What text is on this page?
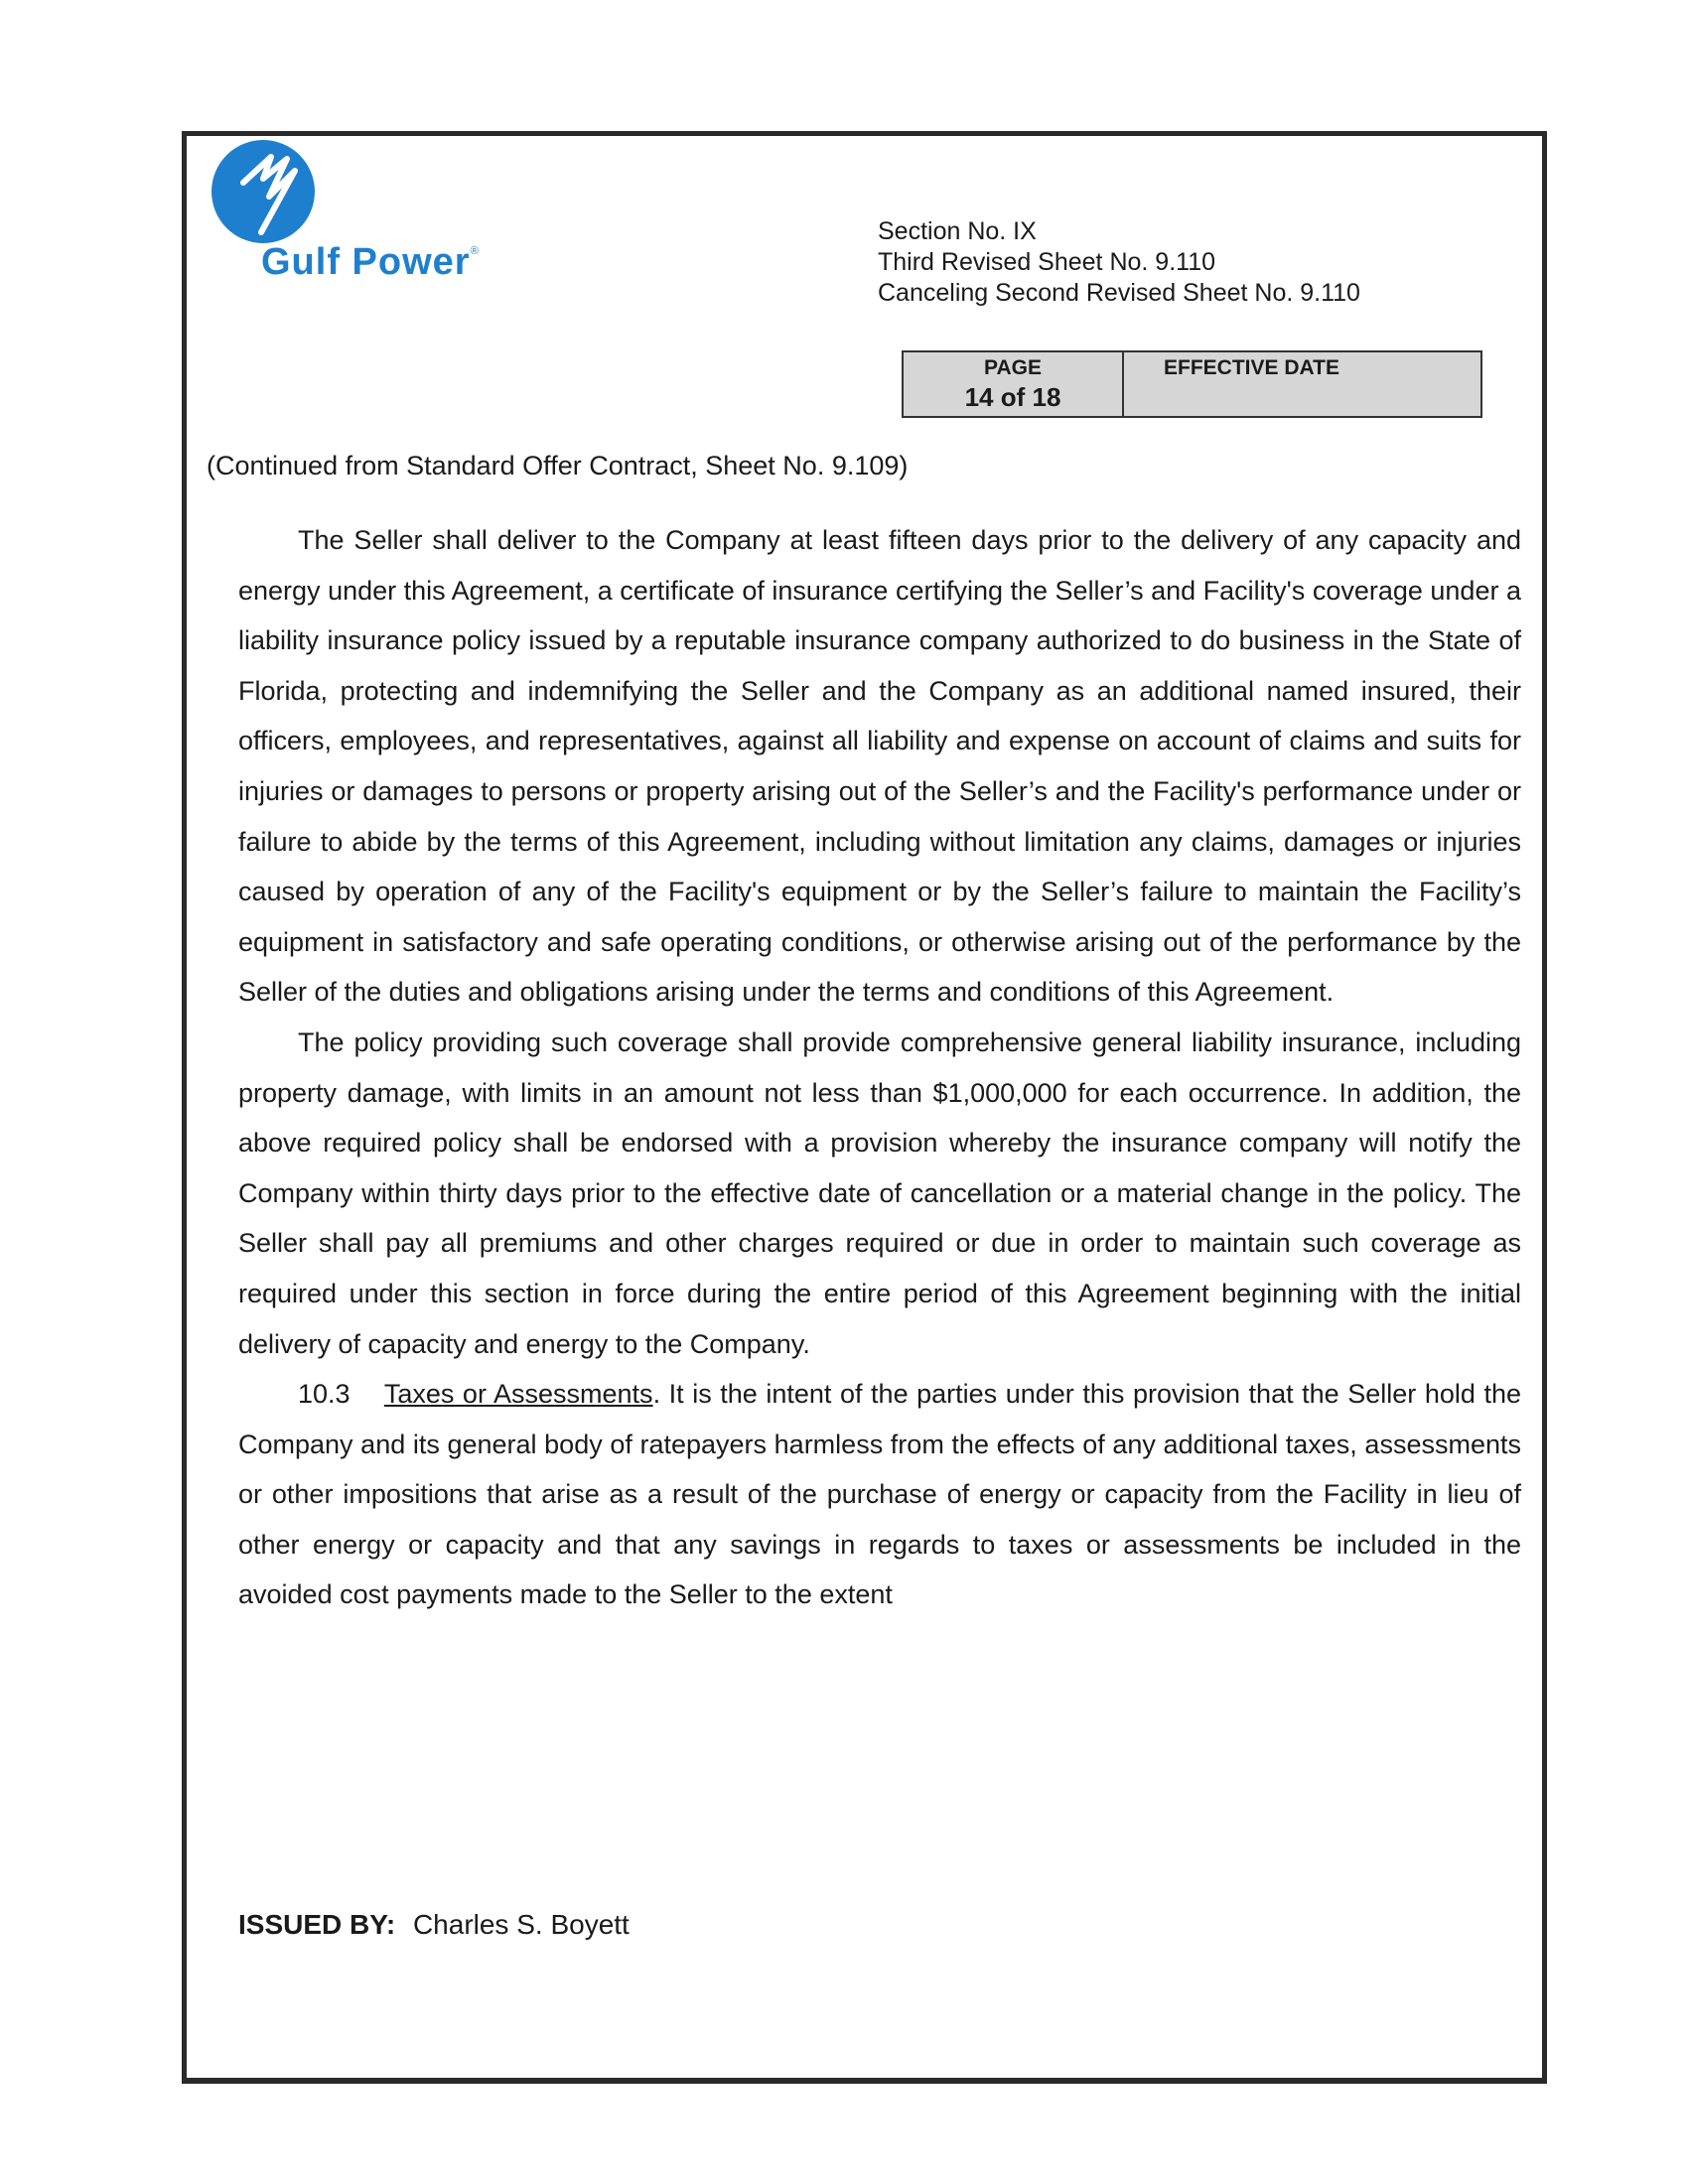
Gulf Power®
Section No. IX
Third Revised Sheet No. 9.110
Canceling Second Revised Sheet No. 9.110
PAGE
14 of 18
EFFECTIVE DATE
(Continued from Standard Offer Contract, Sheet No. 9.109)

The Seller shall deliver to the Company at least fifteen days prior to the delivery of any capacity and energy under this Agreement, a certificate of insurance certifying the Seller’s and Facility's coverage under a liability insurance policy issued by a reputable insurance company authorized to do business in the State of Florida, protecting and indemnifying the Seller and the Company as an additional named insured, their officers, employees, and representatives, against all liability and expense on account of claims and suits for injuries or damages to persons or property arising out of the Seller’s and the Facility's performance under or failure to abide by the terms of this Agreement, including without limitation any claims, damages or injuries caused by operation of any of the Facility's equipment or by the Seller’s failure to maintain the Facility’s equipment in satisfactory and safe operating conditions, or otherwise arising out of the performance by the Seller of the duties and obligations arising under the terms and conditions of this Agreement.

The policy providing such coverage shall provide comprehensive general liability insurance, including property damage, with limits in an amount not less than $1,000,000 for each occurrence. In addition, the above required policy shall be endorsed with a provision whereby the insurance company will notify the Company within thirty days prior to the effective date of cancellation or a material change in the policy. The Seller shall pay all premiums and other charges required or due in order to maintain such coverage as required under this section in force during the entire period of this Agreement beginning with the initial delivery of capacity and energy to the Company.

10.3 Taxes or Assessments. It is the intent of the parties under this provision that the Seller hold the Company and its general body of ratepayers harmless from the effects of any additional taxes, assessments or other impositions that arise as a result of the purchase of energy or capacity from the Facility in lieu of other energy or capacity and that any savings in regards to taxes or assessments be included in the avoided cost payments made to the Seller to the extent

ISSUED BY: Charles S. Boyett
